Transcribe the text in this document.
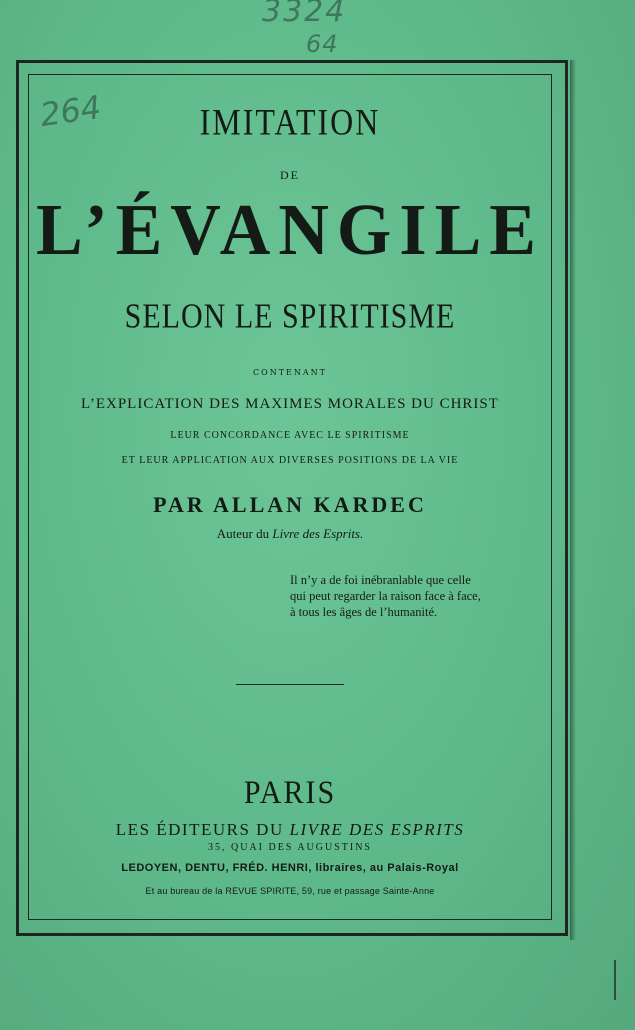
3324
64
264	IMITATION
DE
L’ÉVANGILE
SELON LE SPIRITISME
CONTENANT
L’EXPLICATION DES MAXIMES MORALES DU CHRIST
LEUR CONCORDANCE AVEC LE SPIRITISME
ET LEUR APPLICATION AUX DIVERSES POSITIONS DE LA VIE
PAR ALLAN KARDEC
Auteur du Livre des Esprits.
Il n’y a de foi inébranlable que celle
qui peut regarder la raison face à face,
à tous les âges de l’humanité.
PARIS
LES ÉDITEURS DU LIVRE DES ESPRITS
35, QUAI DES AUGUSTINS
LEDOYEN, DENTU, FRÉD. HENRI, libraires, au Palais-Royal
Et au bureau de la REVUE SPIRITE, 59, rue et passage Sainte-Anne
